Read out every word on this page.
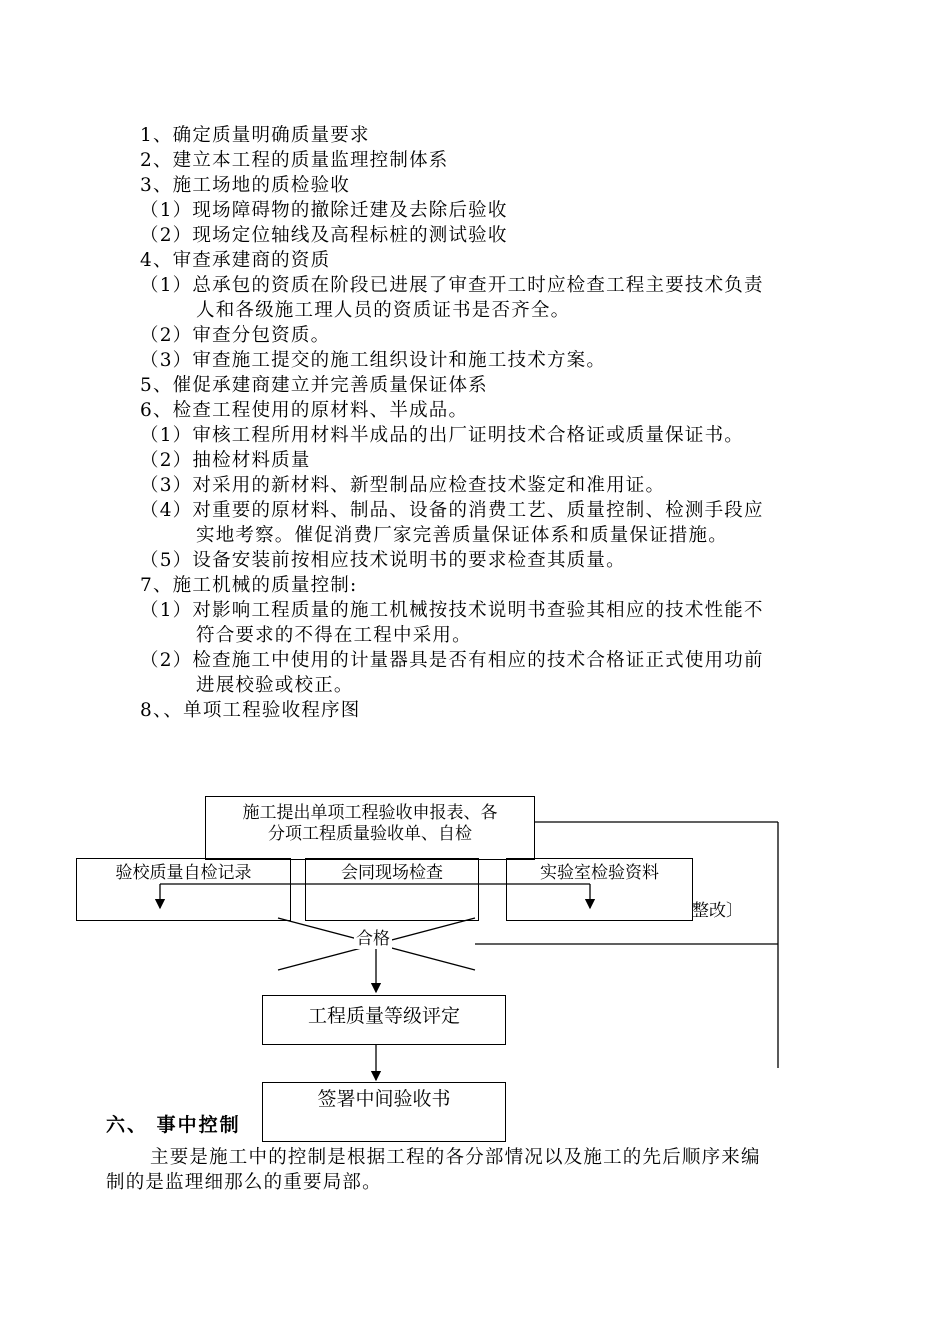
1、确定质量明确质量要求
2、建立本工程的质量监理控制体系
3、施工场地的质检验收
（1）现场障碍物的撤除迁建及去除后验收
（2）现场定位轴线及高程标桩的测试验收
4、审查承建商的资质
（1）总承包的资质在阶段已进展了审查开工时应检查工程主要技术负责
人和各级施工理人员的资质证书是否齐全。
（2）审查分包资质。
（3）审查施工提交的施工组织设计和施工技术方案。
5、催促承建商建立并完善质量保证体系
6、检查工程使用的原材料、半成品。
（1）审核工程所用材料半成品的出厂证明技术合格证或质量保证书。
（2）抽检材料质量
（3）对采用的新材料、新型制品应检查技术鉴定和准用证。
（4）对重要的原材料、制品、设备的消费工艺、质量控制、检测手段应
实地考察。催促消费厂家完善质量保证体系和质量保证措施。
（5）设备安装前按相应技术说明书的要求检查其质量。
7、施工机械的质量控制:
（1）对影响工程质量的施工机械按技术说明书查验其相应的技术性能不
符合要求的不得在工程中采用。
（2）检查施工中使用的计量器具是否有相应的技术合格证正式使用功前
进展校验或校正。
8、、单项工程验收程序图
施工提出单项工程验收申报表、各
分项工程质量验收单、自检
验校质量自检记录	会同现场检查	实验室检验资料
整改〕
合格
工程质量等级评定
签署中间验收书
六、 事中控制
主要是施工中的控制是根据工程的各分部情况以及施工的先后顺序来编
制的是监理细那么的重要局部。
